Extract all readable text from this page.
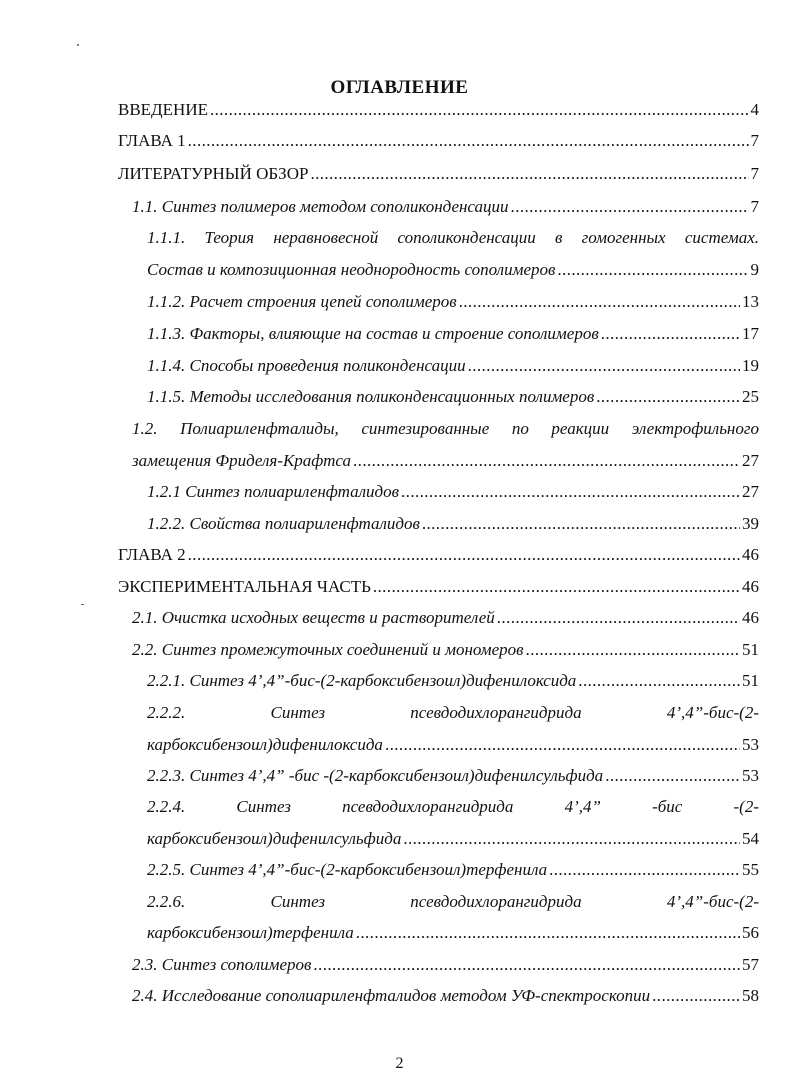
ОГЛАВЛЕНИЕ
ВВЕДЕНИЕ .....	4
ГЛАВА 1 .....	7
ЛИТЕРАТУРНЫЙ ОБЗОР .....	7
1.1. Синтез полимеров методом сополиконденсации .....	7
1.1.1. Теория неравновесной сополиконденсации в гомогенных системах.
Состав и композиционная неоднородность сополимеров .....	9
1.1.2. Расчет строения цепей сополимеров .....	13
1.1.3. Факторы, влияющие на состав и строение сополимеров .....	17
1.1.4. Способы проведения поликонденсации .....	19
1.1.5. Методы исследования поликонденсационных полимеров .....	25
1.2. Полиариленфталиды, синтезированные по реакции электрофильного
замещения Фриделя-Крафтса .....	27
1.2.1 Синтез полиариленфталидов .....	27
1.2.2. Свойства полиариленфталидов .....	39
ГЛАВА 2 .....	46
ЭКСПЕРИМЕНТАЛЬНАЯ ЧАСТЬ .....	46
2.1. Очистка исходных веществ и растворителей .....	46
2.2. Синтез промежуточных соединений и мономеров .....	51
2.2.1. Синтез 4’,4”-бис-(2-карбоксибензоил)дифенилоксида .....	51
2.2.2. Синтез псевдодихлорангидрида 4’,4”-бис-(2-
карбоксибензоил)дифенилоксида .....	53
2.2.3. Синтез 4’,4” -бис -(2-карбоксибензоил)дифенилсульфида .....	53
2.2.4. Синтез псевдодихлорангидрида 4’,4” -бис -(2-
карбоксибензоил)дифенилсульфида .....	54
2.2.5. Синтез 4’,4”-бис-(2-карбоксибензоил)терфенила .....	55
2.2.6. Синтез псевдодихлорангидрида 4’,4”-бис-(2-
карбоксибензоил)терфенила .....	56
2.3. Синтез сополимеров .....	57
2.4. Исследование сополиариленфталидов методом УФ-спектроскопии .....	58
2
